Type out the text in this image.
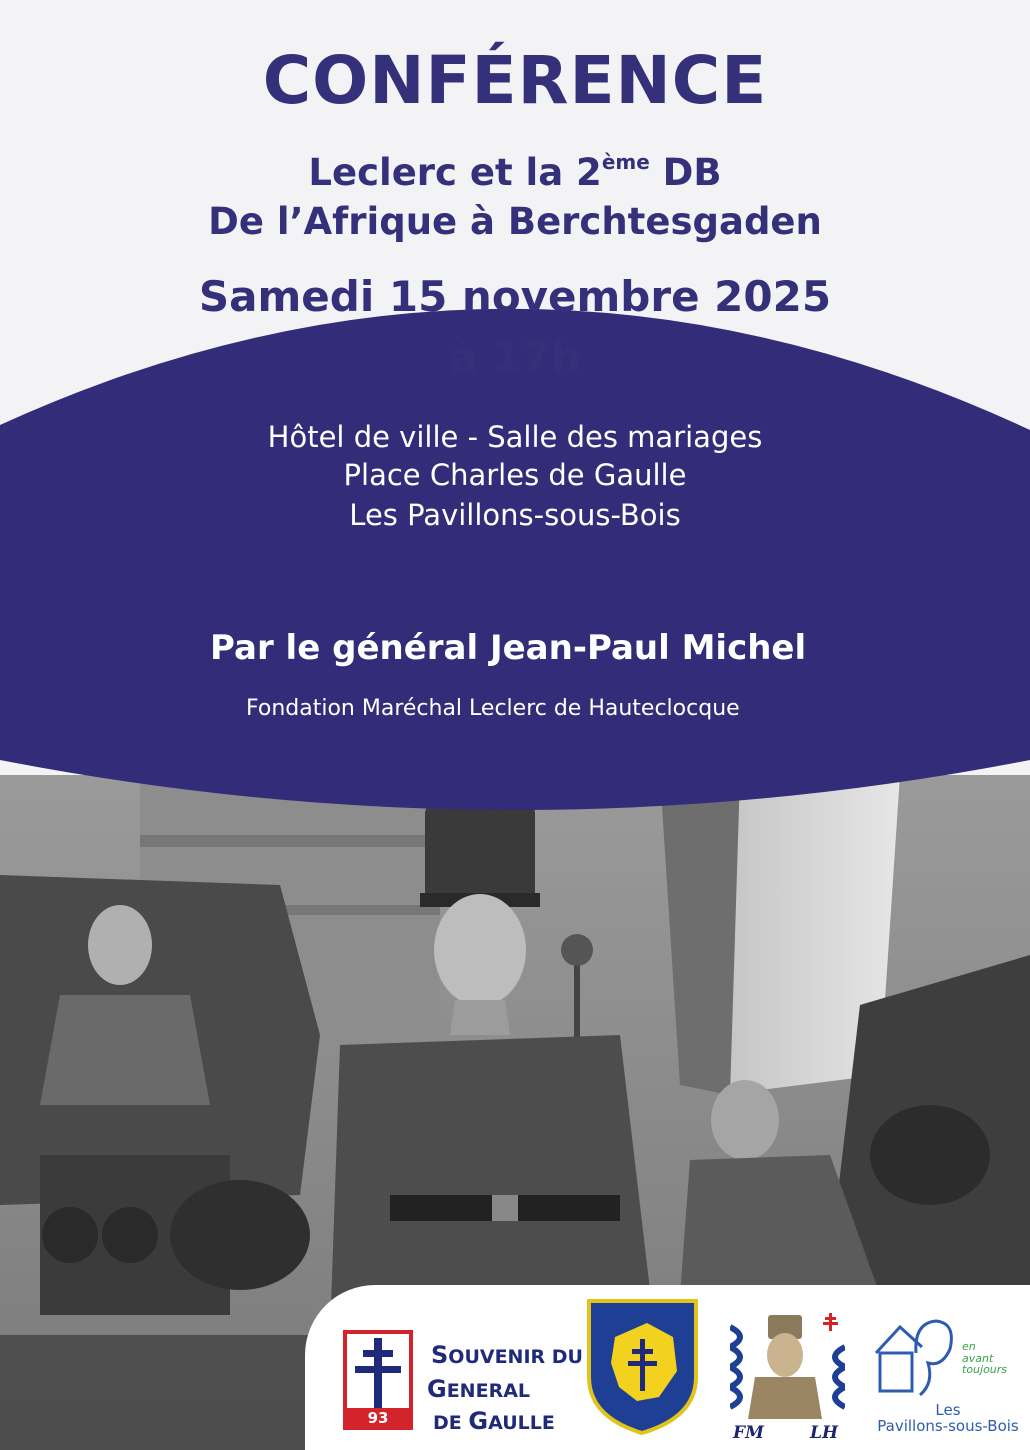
CONFÉRENCE
Leclerc et la 2ème DB
De l’Afrique à Berchtesgaden
Samedi 15 novembre 2025
à 17h
Hôtel de ville - Salle des mariages
Place Charles de Gaulle
Les Pavillons-sous-Bois
Par le général Jean-Paul Michel
Fondation Maréchal Leclerc de Hauteclocque
93
SOUVENIR DU
GENERAL
DE GAULLE	FM	LH
en
avant
toujours
Les
Pavillons-sous-Bois
